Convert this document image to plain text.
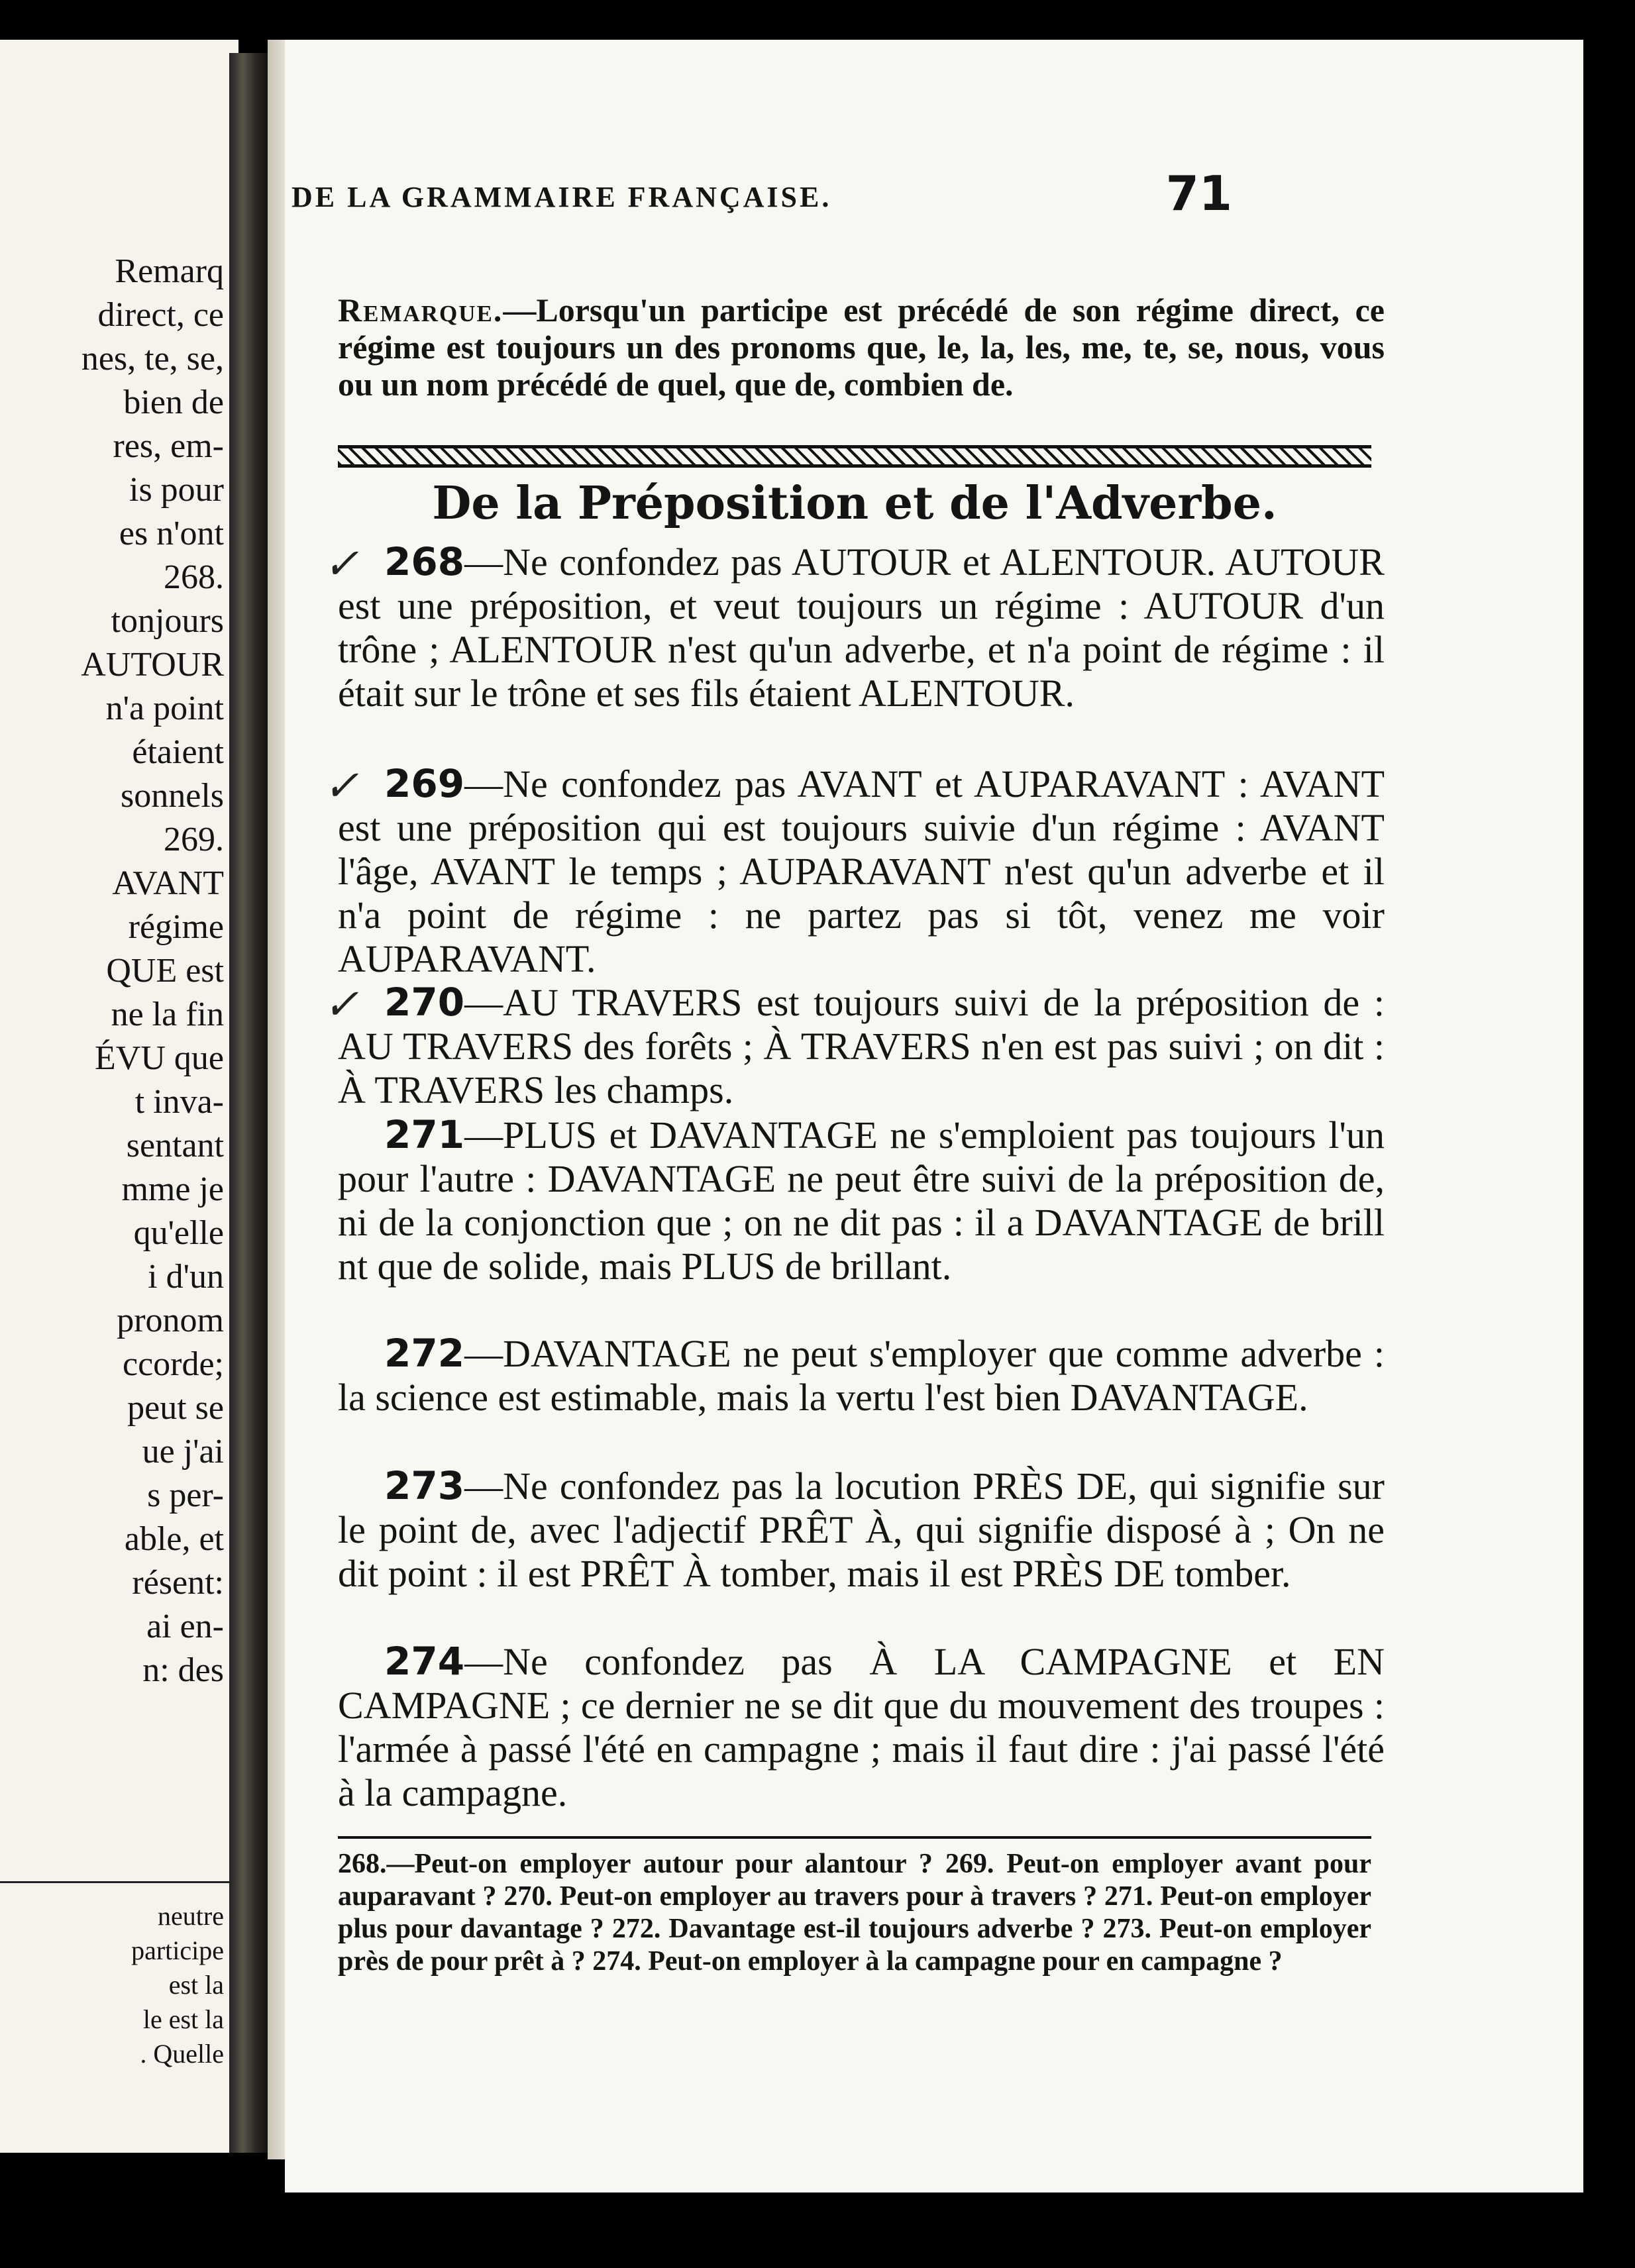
Remarq
direct, ce
nes, te, se,
bien de
res, em-
is pour
es n'ont
268.
tonjours
AUTOUR
n'a point
étaient
sonnels
269.
AVANT
régime
QUE est
ne la fin
ÉVU que
t inva-
sentant
mme je
qu'elle
i d'un
pronom
ccorde;
peut se
ue j'ai
s per-
able, et
résent:
ai en-
n: des
neutre
participe
est la
le est la
. Quelle
DE LA GRAMMAIRE FRANÇAISE.	71
Remarque.—Lorsqu'un participe est précédé de son régime direct, ce régime est toujours un des pronoms que, le, la, les, me, te, se, nous, vous ou un nom précédé de quel, que de, combien de.
De la Préposition et de l'Adverbe.
✓
✓
✓
268—Ne confondez pas AUTOUR et ALENTOUR. AUTOUR est une préposition, et veut toujours un régime : AUTOUR d'un trône ; ALENTOUR n'est qu'un adverbe, et n'a point de régime : il était sur le trône et ses fils étaient ALENTOUR.
269—Ne confondez pas AVANT et AUPARAVANT : AVANT est une préposition qui est toujours suivie d'un régime : AVANT l'âge, AVANT le temps ; AUPARAVANT n'est qu'un adverbe et il n'a point de régime : ne partez pas si tôt, venez me voir AUPARAVANT.
270—AU TRAVERS est toujours suivi de la préposition de : AU TRAVERS des forêts ; À TRAVERS n'en est pas suivi ; on dit : À TRAVERS les champs.
271—PLUS et DAVANTAGE ne s'emploient pas toujours l'un pour l'autre : DAVANTAGE ne peut être suivi de la préposition de, ni de la conjonction que ; on ne dit pas : il a DAVANTAGE de brill nt que de solide, mais PLUS de brillant.
272—DAVANTAGE ne peut s'employer que comme adverbe : la science est estimable, mais la vertu l'est bien DAVANTAGE.
273—Ne confondez pas la locution PRÈS DE, qui signifie sur le point de, avec l'adjectif PRÊT À, qui signifie disposé à ; On ne dit point : il est PRÊT À tomber, mais il est PRÈS DE tomber.
274—Ne confondez pas À LA CAMPAGNE et EN CAMPAGNE ; ce dernier ne se dit que du mouvement des troupes : l'armée à passé l'été en campagne ; mais il faut dire : j'ai passé l'été à la campagne.
268.—Peut-on employer autour pour alantour ? 269. Peut-on employer avant pour auparavant ? 270. Peut-on employer au travers pour à travers ? 271. Peut-on employer plus pour davantage ? 272. Davantage est-il toujours adverbe ? 273. Peut-on employer près de pour prêt à ? 274. Peut-on employer à la campagne pour en campagne ?
